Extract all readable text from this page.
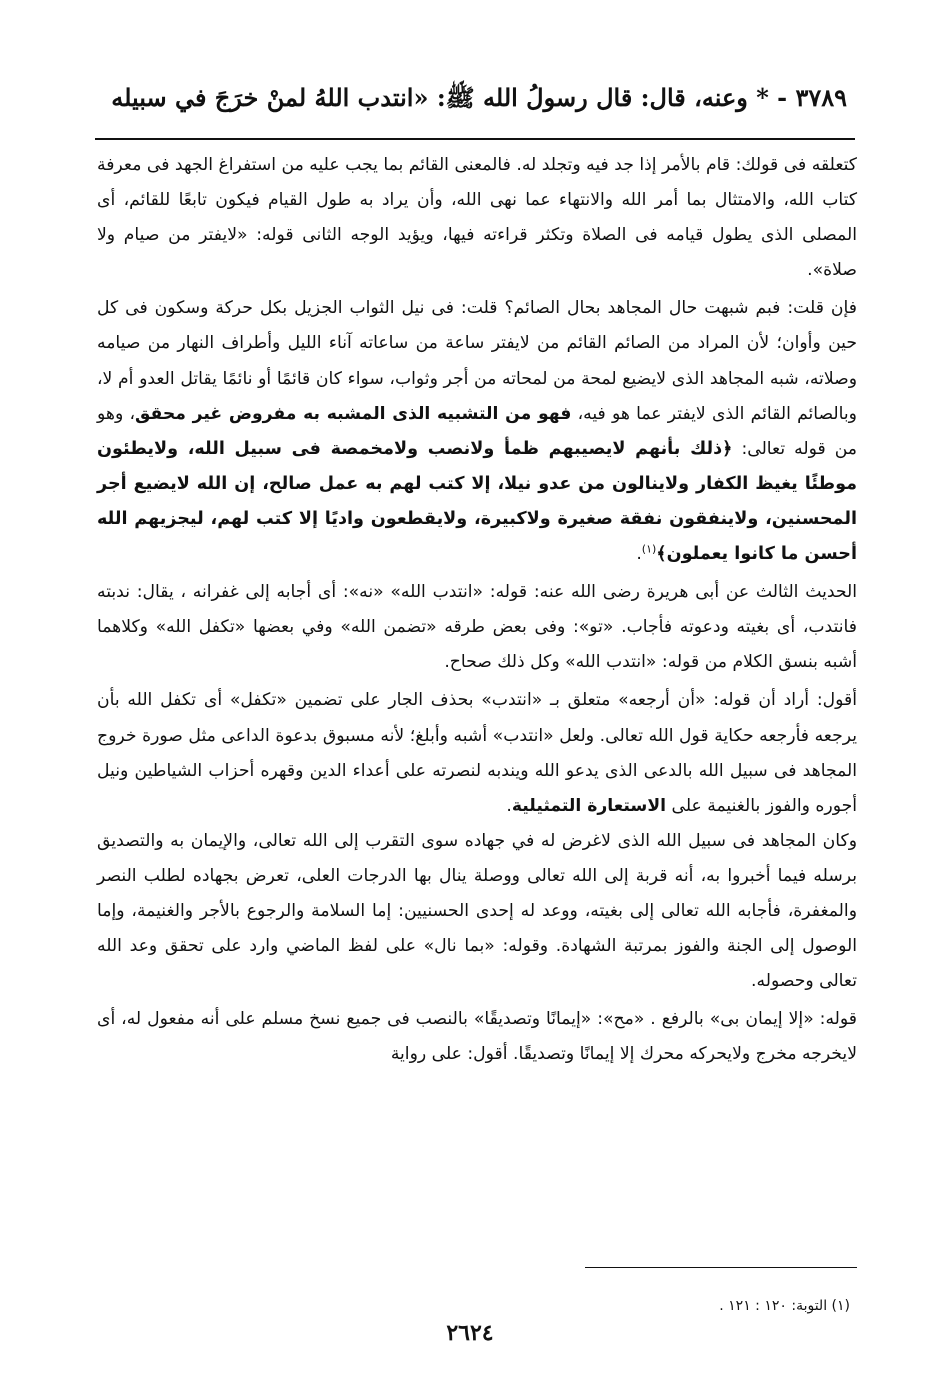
٣٧٨٩ - * وعنه، قال: قال رسولُ الله ﷺ: «انتدب اللهُ لمنْ خرَجَ في سبيله

كتعلقه فى قولك: قام بالأمر إذا جد فيه وتجلد له. فالمعنى القائم بما يجب عليه من استفراغ الجهد فى معرفة كتاب الله، والامتثال بما أمر الله والانتهاء عما نهى الله، وأن يراد به طول القيام فيكون تابعًا للقائم، أى المصلى الذى يطول قيامه فى الصلاة وتكثر قراءته فيها، ويؤيد الوجه الثانى قوله: «لايفتر من صيام ولا صلاة».

فإن قلت: فبم شبهت حال المجاهد بحال الصائم؟ قلت: فى نيل الثواب الجزيل بكل حركة وسكون فى كل حين وأوان؛ لأن المراد من الصائم القائم من لايفتر ساعة من ساعاته آناء الليل وأطراف النهار من صيامه وصلاته، شبه المجاهد الذى لايضيع لمحة من لمحاته من أجر وثواب، سواء كان قائمًا أو نائمًا يقاتل العدو أم لا، وبالصائم القائم الذى لايفتر عما هو فيه، فهو من التشبيه الذى المشبه به مفروض غير محقق، وهو من قوله تعالى: ﴿ذلك بأنهم لايصيبهم ظمأ ولانصب ولامخمصة فى سبيل الله، ولايطئون موطئًا يغيظ الكفار ولاينالون من عدو نيلا، إلا كتب لهم به عمل صالح، إن الله لايضيع أجر المحسنين، ولاينفقون نفقة صغيرة ولاكبيرة، ولايقطعون واديًا إلا كتب لهم، ليجزيهم الله أحسن ما كانوا يعملون﴾$^{(١)}$.

الحديث الثالث عن أبى هريرة رضى الله عنه: قوله: «انتدب الله» «نه»: أى أجابه إلى غفرانه ، يقال: ندبته فانتدب، أى بغيته ودعوته فأجاب. «تو»: وفى بعض طرقه «تضمن الله» وفي بعضها «تكفل الله» وكلاهما أشبه بنسق الكلام من قوله: «انتدب الله» وكل ذلك صحاح.

أقول: أراد أن قوله: «أن أرجعه» متعلق بـ «انتدب» بحذف الجار على تضمين «تكفل» أى تكفل الله بأن يرجعه فأرجعه حكاية قول الله تعالى. ولعل «انتدب» أشبه وأبلغ؛ لأنه مسبوق بدعوة الداعى مثل صورة خروج المجاهد فى سبيل الله بالدعى الذى يدعو الله ويندبه لنصرته على أعداء الدين وقهره أحزاب الشياطين ونيل أجوره والفوز بالغنيمة على الاستعارة التمثيلية.

وكان المجاهد فى سبيل الله الذى لاغرض له في جهاده سوى التقرب إلى الله تعالى، والإيمان به والتصديق برسله فيما أخبروا به، أنه قربة إلى الله تعالى ووصلة ينال بها الدرجات العلى، تعرض بجهاده لطلب النصر والمغفرة، فأجابه الله تعالى إلى بغيته، ووعد له إحدى الحسنيين: إما السلامة والرجوع بالأجر والغنيمة، وإما الوصول إلى الجنة والفوز بمرتبة الشهادة. وقوله: «بما نال» على لفظ الماضي وارد على تحقق وعد الله تعالى وحصوله.

قوله: «إلا إيمان بى» بالرفع . «مح»: «إيمانًا وتصديقًا» بالنصب فى جميع نسخ مسلم على أنه مفعول له، أى لايخرجه مخرج ولايحركه محرك إلا إيمانًا وتصديقًا. أقول: على رواية

(١) التوبة: ١٢٠ : ١٢١ .
٢٦٢٤
